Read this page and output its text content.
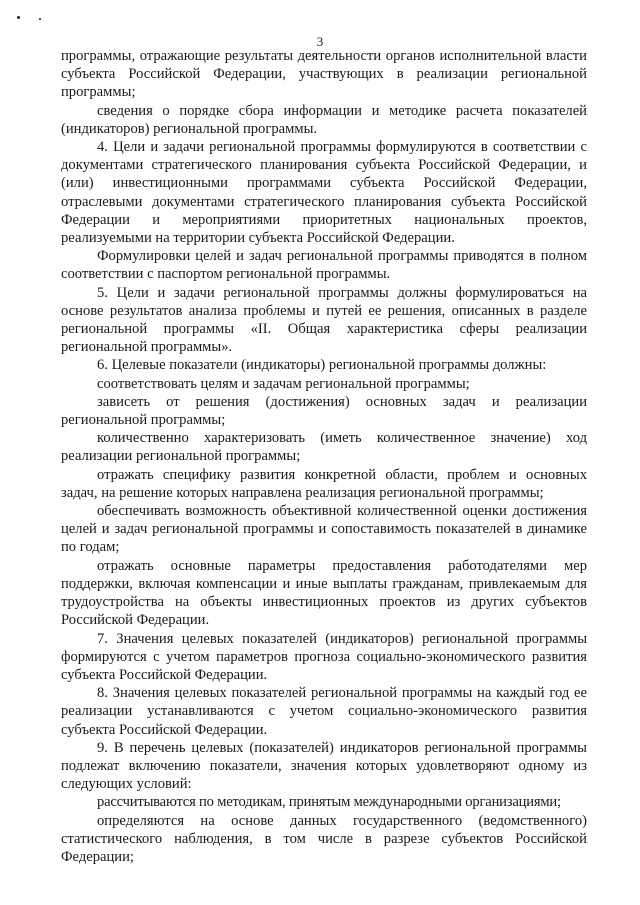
3

программы, отражающие результаты деятельности органов исполнительной власти субъекта Российской Федерации, участвующих в реализации региональной программы;

сведения о порядке сбора информации и методике расчета показателей (индикаторов) региональной программы.

4. Цели и задачи региональной программы формулируются в соответствии с документами стратегического планирования субъекта Российской Федерации, и (или) инвестиционными программами субъекта Российской Федерации, отраслевыми документами стратегического планирования субъекта Российской Федерации и мероприятиями приоритетных национальных проектов, реализуемыми на территории субъекта Российской Федерации.

Формулировки целей и задач региональной программы приводятся в полном соответствии с паспортом региональной программы.

5. Цели и задачи региональной программы должны формулироваться на основе результатов анализа проблемы и путей ее решения, описанных в разделе региональной программы «II. Общая характеристика сферы реализации региональной программы».

6. Целевые показатели (индикаторы) региональной программы должны:

соответствовать целям и задачам региональной программы;

зависеть от решения (достижения) основных задач и реализации региональной программы;

количественно характеризовать (иметь количественное значение) ход реализации региональной программы;

отражать специфику развития конкретной области, проблем и основных задач, на решение которых направлена реализация региональной программы;

обеспечивать возможность объективной количественной оценки достижения целей и задач региональной программы и сопоставимость показателей в динамике по годам;

отражать основные параметры предоставления работодателями мер поддержки, включая компенсации и иные выплаты гражданам, привлекаемым для трудоустройства на объекты инвестиционных проектов из других субъектов Российской Федерации.

7. Значения целевых показателей (индикаторов) региональной программы формируются с учетом параметров прогноза социально-экономического развития субъекта Российской Федерации.

8. Значения целевых показателей региональной программы на каждый год ее реализации устанавливаются с учетом социально-экономического развития субъекта Российской Федерации.

9. В перечень целевых (показателей) индикаторов региональной программы подлежат включению показатели, значения которых удовлетворяют одному из следующих условий:

рассчитываются по методикам, принятым международными организациями;

определяются на основе данных государственного (ведомственного) статистического наблюдения, в том числе в разрезе субъектов Российской Федерации;
